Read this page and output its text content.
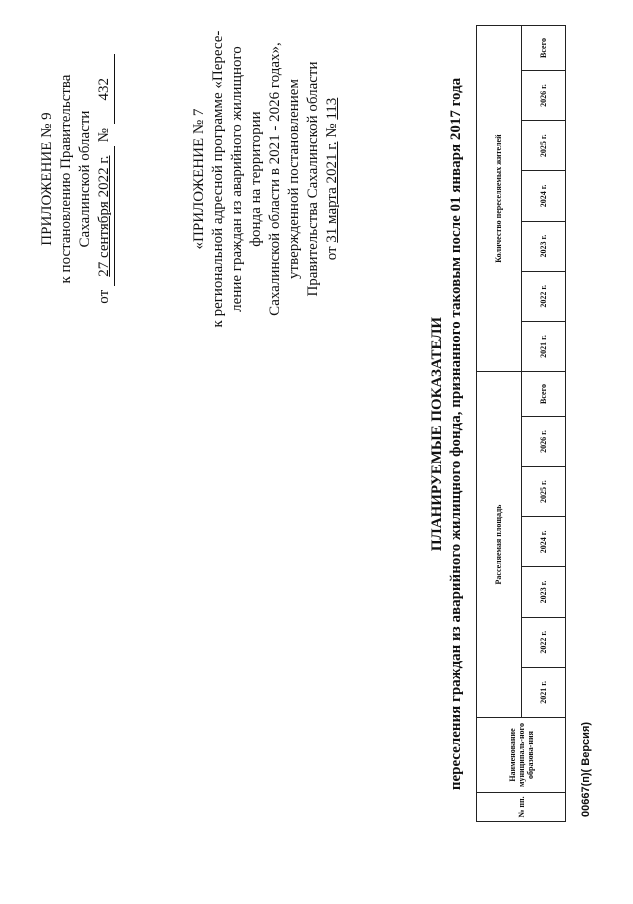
ПРИЛОЖЕНИЕ № 9 к постановлению Правительства Сахалинской области
от 27 сентября 2022 г. № 432
«ПРИЛОЖЕНИЕ № 7 к региональной адресной программе «Пересе- ление граждан из аварийного жилищного фонда на территории Сахалинской области в 2021 - 2026 годах», утвержденной постановлением Правительства Сахалинской области от 31 марта 2021 г. № 113
ПЛАНИРУЕМЫЕ ПОКАЗАТЕЛИ переселения граждан из аварийного жилищного фонда, признанного таковым после 01 января 2017 года
№ пп.	Наименование муниципаль-ного образова-ния	Расселяемая площадь							Количество переселяемых жителей						
		2021 г.	2022 г.	2023 г.	2024 г.	2025 г.	2026 г.	Всего	2021 г.	2022 г.	2023 г.	2024 г.	2025 г.	2026 г.	Всего
00667(п)( Версия)
